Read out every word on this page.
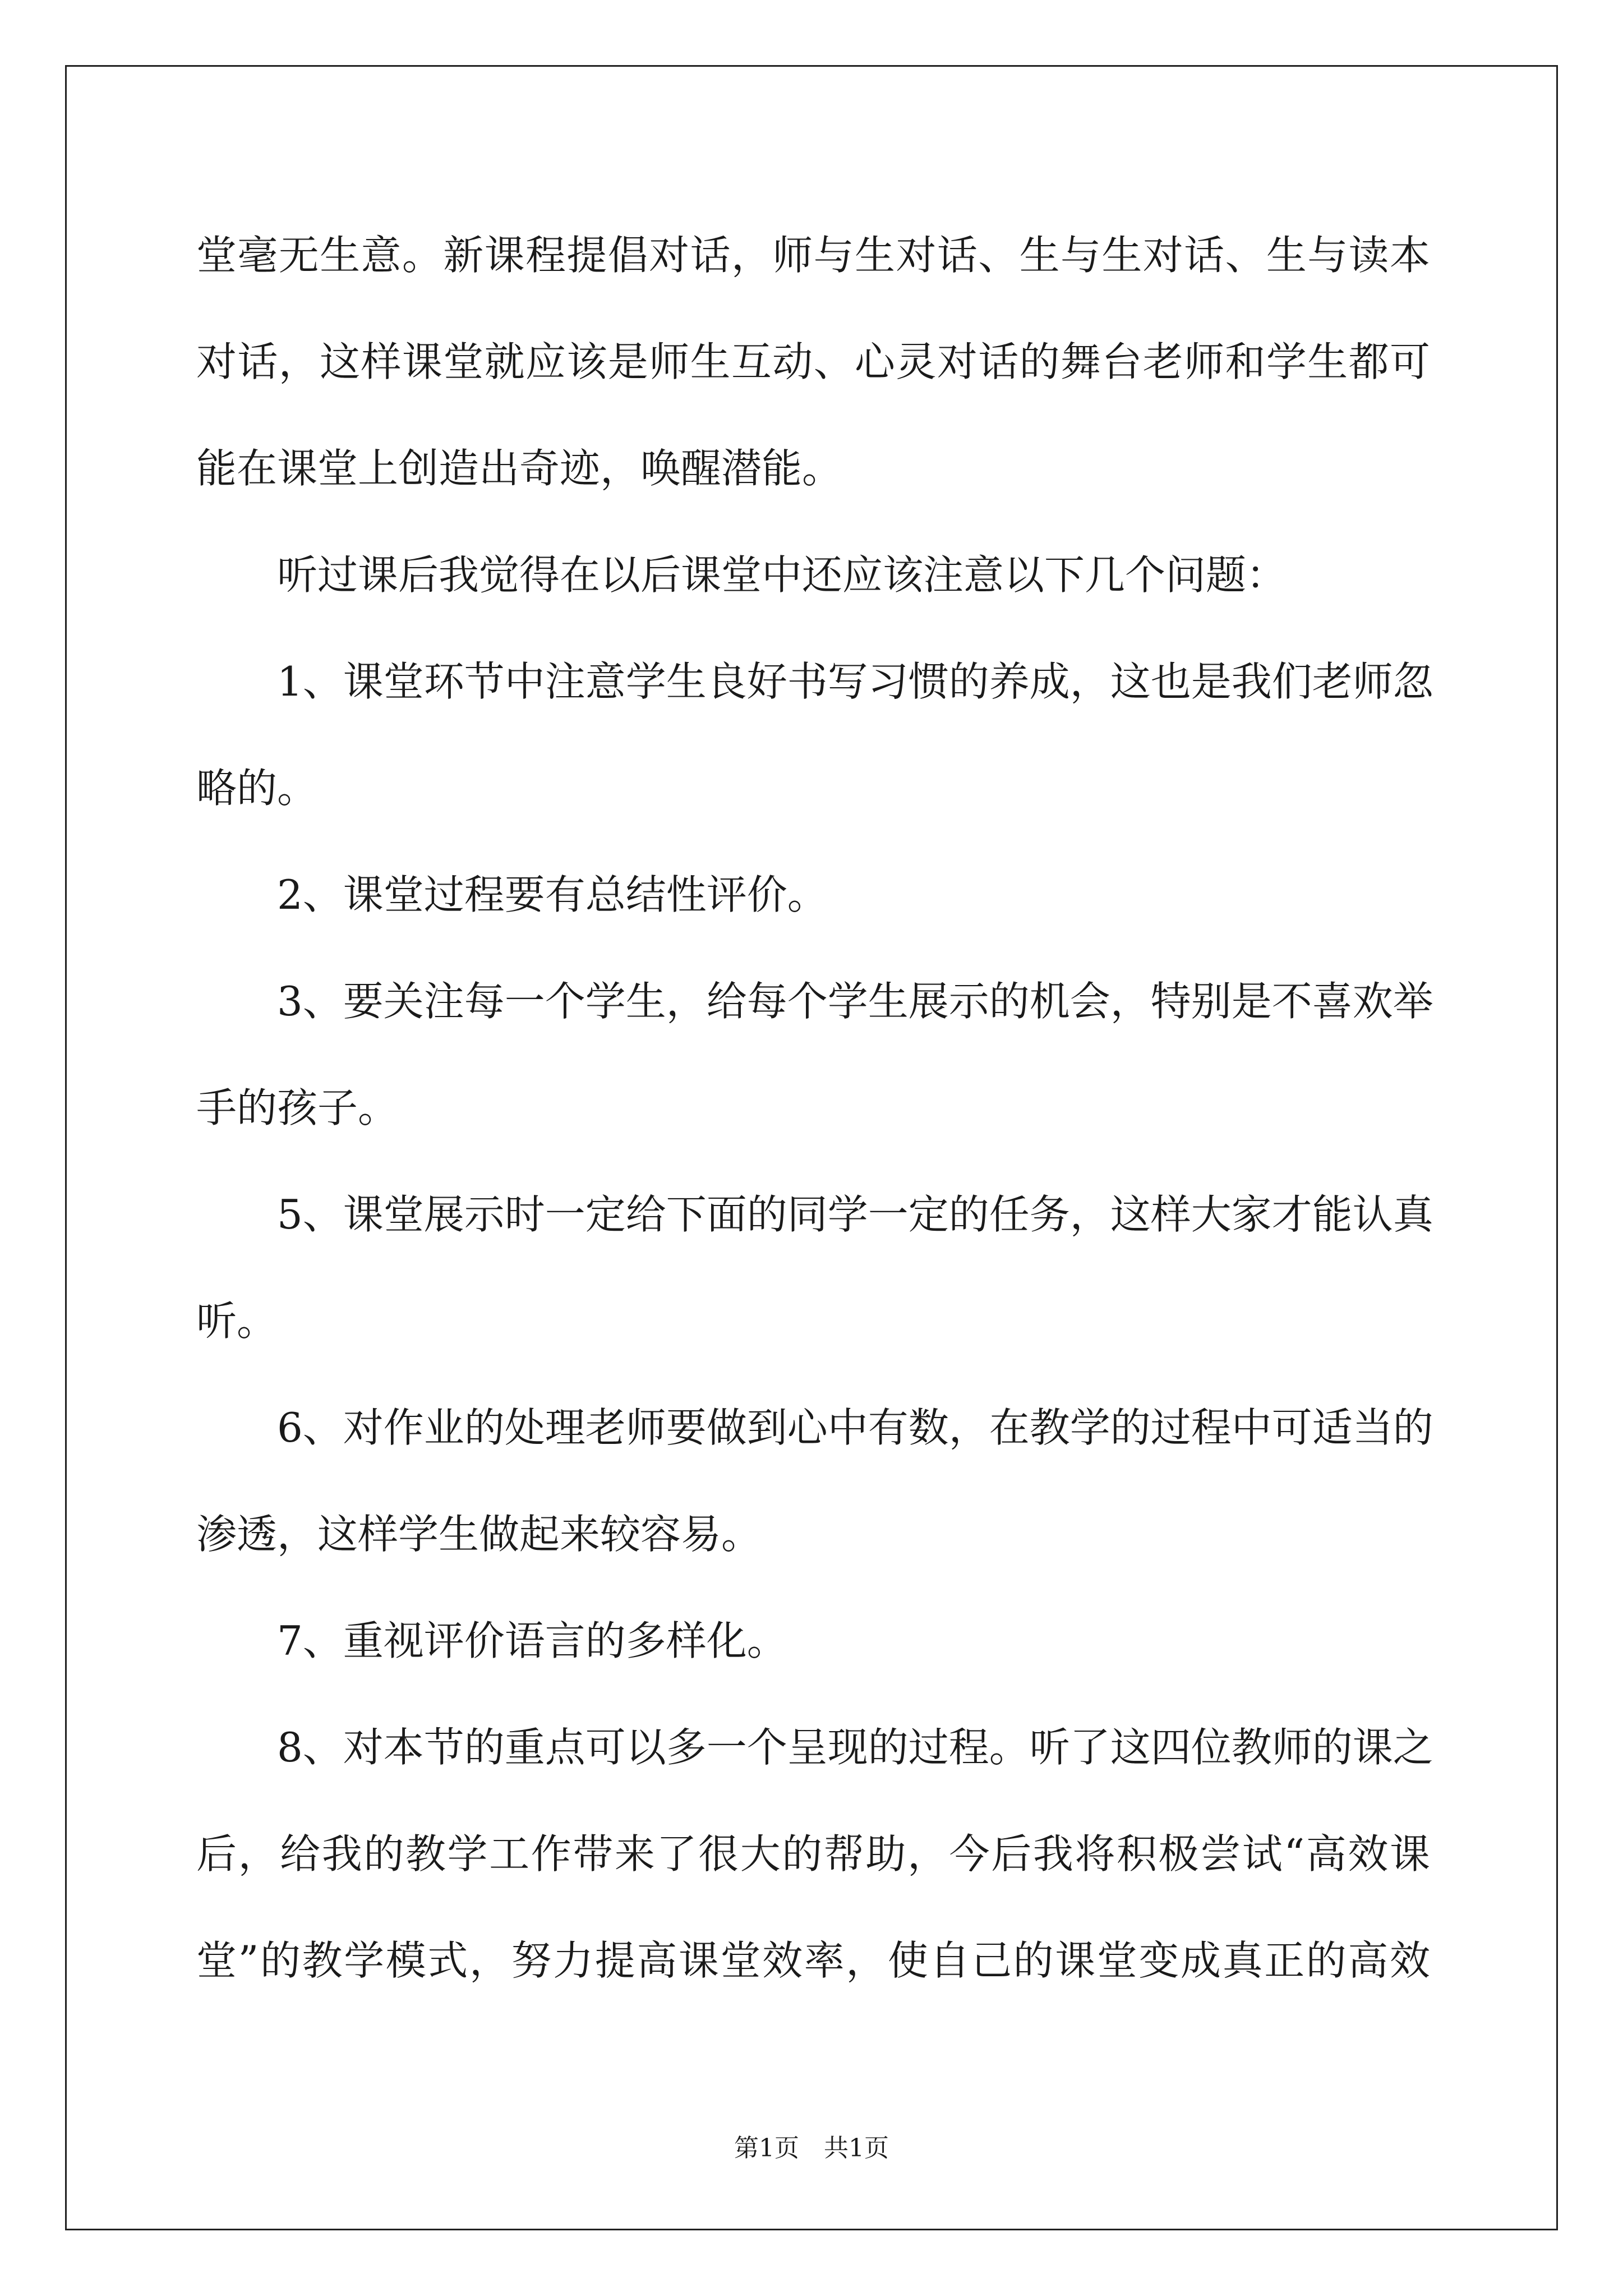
堂毫无生意。新课程提倡对话，师与生对话、生与生对话、生与读本
对话，这样课堂就应该是师生互动、心灵对话的舞台老师和学生都可
能在课堂上创造出奇迹，唤醒潜能。
听过课后我觉得在以后课堂中还应该注意以下几个问题：
1、课堂环节中注意学生良好书写习惯的养成，这也是我们老师忽
略的。
2、课堂过程要有总结性评价。
3、要关注每一个学生，给每个学生展示的机会，特别是不喜欢举
手的孩子。
5、课堂展示时一定给下面的同学一定的任务，这样大家才能认真
听。
6、对作业的处理老师要做到心中有数，在教学的过程中可适当的
渗透，这样学生做起来较容易。
7、重视评价语言的多样化。
8、对本节的重点可以多一个呈现的过程。听了这四位教师的课之
后，给我的教学工作带来了很大的帮助，今后我将积极尝试“高效课
堂”的教学模式，努力提高课堂效率，使自己的课堂变成真正的高效
第1页　共1页
